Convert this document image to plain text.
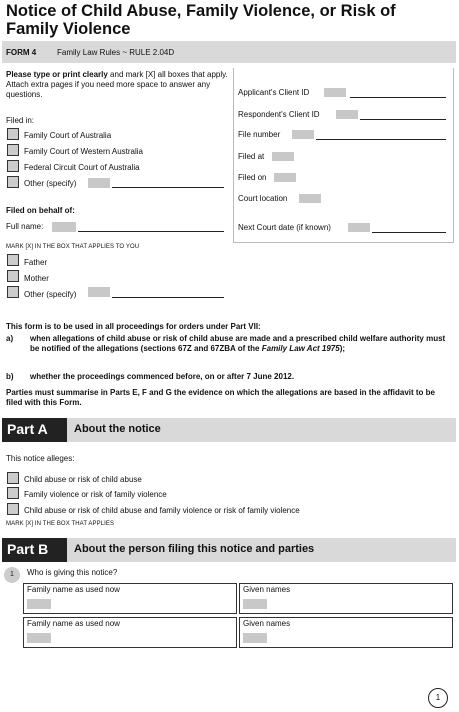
Notice of Child Abuse, Family Violence, or Risk of Family Violence
FORM 4	Family Law Rules ~ RULE 2.04D
Please type or print clearly and mark [X] all boxes that apply. Attach extra pages if you need more space to answer any questions.
Filed in:
Family Court of Australia
Family Court of Western Australia
Federal Circuit Court of Australia
Other (specify)
Filed on behalf of:
Full name:
MARK [X] IN THE BOX THAT APPLIES TO YOU
Father
Mother
Other (specify)
Applicant's Client ID
Respondent's Client ID
File number
Filed at
Filed on
Court location
Next Court date (if known)
This form is to be used in all proceedings for orders under Part VII:
a) when allegations of child abuse or risk of child abuse are made and a prescribed child welfare authority must be notified of the allegations (sections 67Z and 67ZBA of the Family Law Act 1975);
b) whether the proceedings commenced before, on or after 7 June 2012.
Parties must summarise in Parts E, F and G the evidence on which the allegations are based in the affidavit to be filed with this Form.
Part A	About the notice
This notice alleges:
Child abuse or risk of child abuse
Family violence or risk of family violence
Child abuse or risk of child abuse and family violence or risk of family violence
MARK [X] IN THE BOX THAT APPLIES
Part B	About the person filing this notice and parties
1	Who is giving this notice?
Family name as used now	Given names
Family name as used now	Given names
1
